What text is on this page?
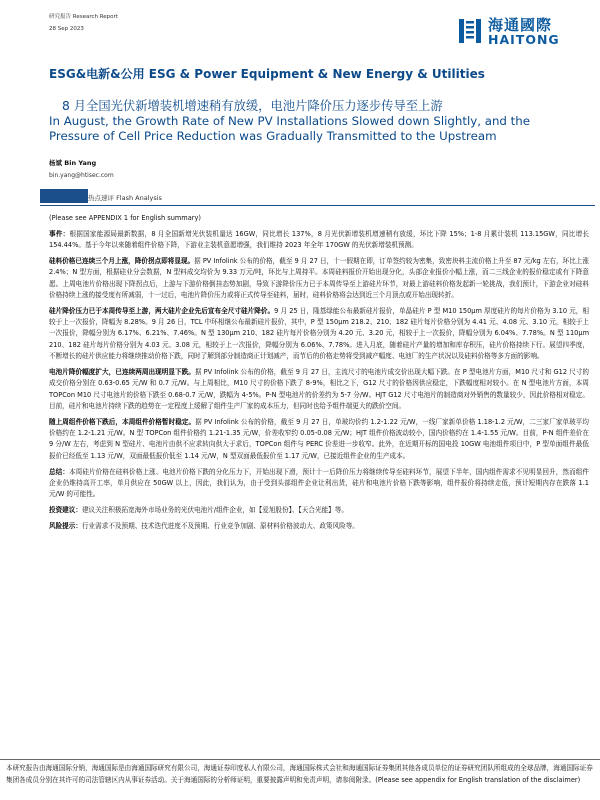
研究报告 Research Report
28 Sep 2023	海通國際
HAITONG
ESG&电新&公用 ESG & Power Equipment & New Energy & Utilities
8 月全国光伏新增装机增速稍有放缓，电池片降价压力逐步传导至上游
In August, the Growth Rate of New PV Installations Slowed down Slightly, and the Pressure of Cell Price Reduction was Gradually Transmitted to the Upstream
杨斌 Bin Yang
bin.yang@htisec.com
热点速评 Flash Analysis

(Please see APPENDIX 1 for English summary)

事件：根据国家能源局最新数据，8 月全国新增光伏装机量达 16GW，同比增长 137%，8 月光伏新增装机增速稍有放缓，环比下降 15%；1-8 月累计装机 113.15GW，同比增长 154.44%。基于今年以来随着组件价格下降，下游业主装机意愿增强，我们维持 2023 年全年 170GW 的光伏新增装机预测。

硅料价格已连续三个月上涨，降价拐点即将显现。据 PV Infolink 公布的价格，截至 9 月 27 日，十一假期在即，订单签约较为密集，致密块料主流价格上升至 87 元/kg 左右，环比上涨 2.4%；N 型方面，根据硅业分会数据，N 型料成交均价为 9.33 万元/吨，环比与上周持平。本周硅料报价开始出现分化，头部企业报价小幅上涨，而二三线企业的报价稳定或有下降意愿。上周电池片价格出现下降拐点后，上游与下游价格倒挂态势加剧，导致下游降价压力已于本周传导至上游硅片环节，对最上游硅料价格发起新一轮挑战，我们预计，下游企业对硅料价格持续上涨的接受度有所减弱，十一过后，电池片降价压力或将正式传导至硅料，届时，硅料价格将会达到近三个月顶点或开始出现转折。

硅片降价压力已于本周传导至上游，两大硅片企业先后宣布全尺寸硅片降价。9 月 25 日，隆基绿能公布最新硅片报价，单晶硅片 P 型 M10 150μm 厚度硅片的每片价格为 3.10 元，相较于上一次报价，降幅为 8.28%。9 月 26 日，TCL 中环相继公布最新硅片报价，其中，P 型 150μm 218.2、210、182 硅片每片价格分别为 4.41 元、4.08 元、3.10 元，相较于上一次报价，降幅分别为 6.17%、6.21%、7.46%。N 型 130μm 210、182 硅片每片价格分别为 4.20 元、3.20 元，相较于上一次报价，降幅分别为 6.04%、7.78%。N 型 110μm 210、182 硅片每片价格分别为 4.03 元、3.08 元，相较于上一次报价，降幅分别为 6.06%、7.78%。进入月底，随着硅片产量的增加和库存积压，硅片价格持续下行。展望四季度，不断增长的硅片供应能力将继续推动价格下跌，同时了解到部分制造商正计划减产，而节后的价格走势将受到减产幅度、电池厂的生产状况以及硅料价格等多方面的影响。

电池片降价幅度扩大，已连续两周出现明显下跌。据 PV Infolink 公布的价格，截至 9 月 27 日，主流尺寸的电池片成交价出现大幅下跌。在 P 型电池片方面，M10 尺寸和 G12 尺寸的成交价格分别在 0.63-0.65 元/W 和 0.7 元/W。与上周相比，M10 尺寸的价格下跌了 8-9%，相比之下，G12 尺寸的价格因供应稳定，下跌幅度相对较小。在 N 型电池片方面，本周 TOPCon M10 尺寸电池片的价格下跌至 0.68-0.7 元/W，跌幅为 4-5%。P-N 型电池片的价差约为 5-7 分/W。HJT G12 尺寸电池片的制造商对外销售的数量较少，因此价格相对稳定。目前，硅片和电池片持续下跌的趋势在一定程度上缓解了组件生产厂家的成本压力，但同时也给予组件端更大的跌价空间。

随上周组件价格下跌后，本周组件价格暂时稳定。据 PV Infolink 公布的价格，截至 9 月 27 日，单玻均价约 1.2-1.22 元/W，一线厂家新单价格 1.18-1.2 元/W，二三家厂家单玻平均价格约在 1.2-1.21 元/W。N 型 TOPCon 组件价格约 1.21-1.35 元/W，价差收窄约 0.05-0.08 元/W；HJT 组件价格波动较小，国内价格约在 1.4-1.55 元/W。目前，P-N 组件差价在 9 分/W 左右，考虑到 N 型硅片、电池片由供不应求转向供大于求后，TOPCon 组件与 PERC 价差进一步收窄。此外，在近期开标的国电投 10GW 电池组件项目中，P 型单面组件最低报价已经低至 1.13 元/W，双面最低报价低至 1.14 元/W，N 型双面最低报价至 1.17 元/W，已接近组件企业的生产成本。

总结：本周硅片价格在硅料价格上涨、电池片价格下跌的分化压力下，开始出现下滑，预计十一后降价压力将继续传导至硅料环节，展望下半年，国内组件需求不见明显回升，然而组件企业仍维持高开工率，单月供应在 50GW 以上，因此，我们认为，由于受到头部组件企业让利出货，硅片和电池片价格下跌等影响，组件报价将持续走低，预计短期内存在跌落 1.1 元/W 的可能性。

投资建议：建议关注积极拓宽海外市场业务的光伏电池片/组件企业，如【爱旭股份】、【天合光能】等。

风险提示：行业需求不及预期、技术迭代进度不及预期、行业竞争加剧、原材料价格波动大、政策风险等。

本研究报告由海通国际分销，海通国际是由海通国际研究有限公司，海通证券印度私人有限公司，海通国际株式会社和海通国际证券集团其他各成员单位的证券研究团队所组成的全球品牌，海通国际证券集团各成员分别在其许可的司法管辖区内从事证券活动。关于海通国际的分析师证明，重要披露声明和免责声明，请参阅附录。(Please see appendix for English translation of the disclaimer)
